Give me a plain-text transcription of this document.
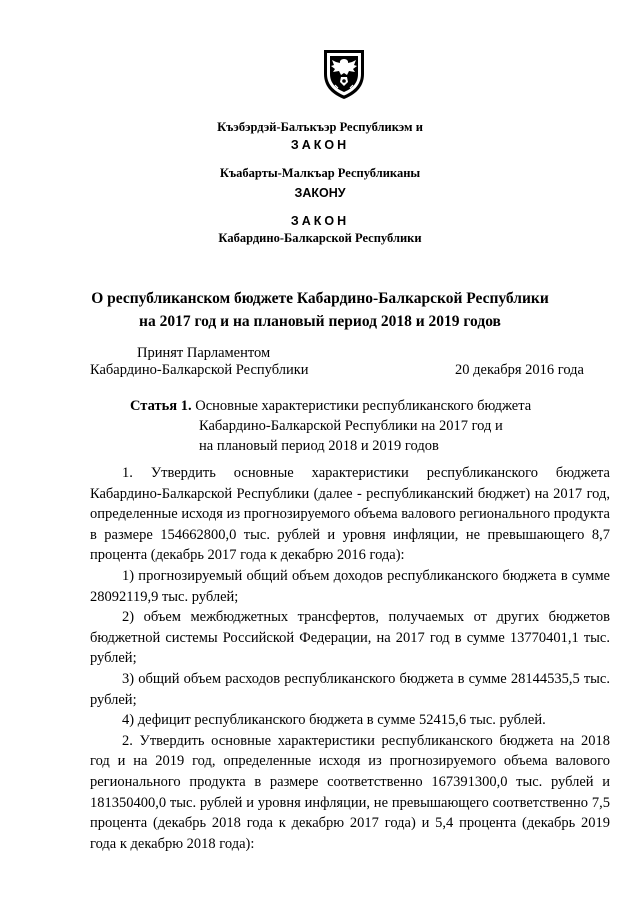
Къэбэрдэй-Балъкъэр Республикэм и
ЗАКОН
Къабарты-Малкъар Республиканы
ЗАКОНУ
ЗАКОН
Кабардино-Балкарской Республики
О республиканском бюджете Кабардино-Балкарской Республики
на 2017 год и на плановый период 2018 и 2019 годов
Принят Парламентом
Кабардино-Балкарской Республики	20 декабря 2016 года
Статья 1. Основные характеристики республиканского бюджета
Кабардино-Балкарской Республики на 2017 год и
на плановый период 2018 и 2019 годов

1. Утвердить основные характеристики республиканского бюджета Кабардино-Балкарской Республики (далее - республиканский бюджет) на 2017 год, определенные исходя из прогнозируемого объема валового регионального продукта в размере 154662800,0 тыс. рублей и уровня инфляции, не превышающего 8,7 процента (декабрь 2017 года к декабрю 2016 года):

1) прогнозируемый общий объем доходов республиканского бюджета в сумме 28092119,9 тыс. рублей;

2) объем межбюджетных трансфертов, получаемых от других бюджетов бюджетной системы Российской Федерации, на 2017 год в сумме 13770401,1 тыс. рублей;

3) общий объем расходов республиканского бюджета в сумме 28144535,5 тыс. рублей;

4) дефицит республиканского бюджета в сумме 52415,6 тыс. рублей.

2. Утвердить основные характеристики республиканского бюджета на 2018 год и на 2019 год, определенные исходя из прогнозируемого объема валового регионального продукта в размере соответственно 167391300,0 тыс. рублей и 181350400,0 тыс. рублей и уровня инфляции, не превышающего соответственно 7,5 процента (декабрь 2018 года к декабрю 2017 года) и 5,4 процента (декабрь 2019 года к декабрю 2018 года):
